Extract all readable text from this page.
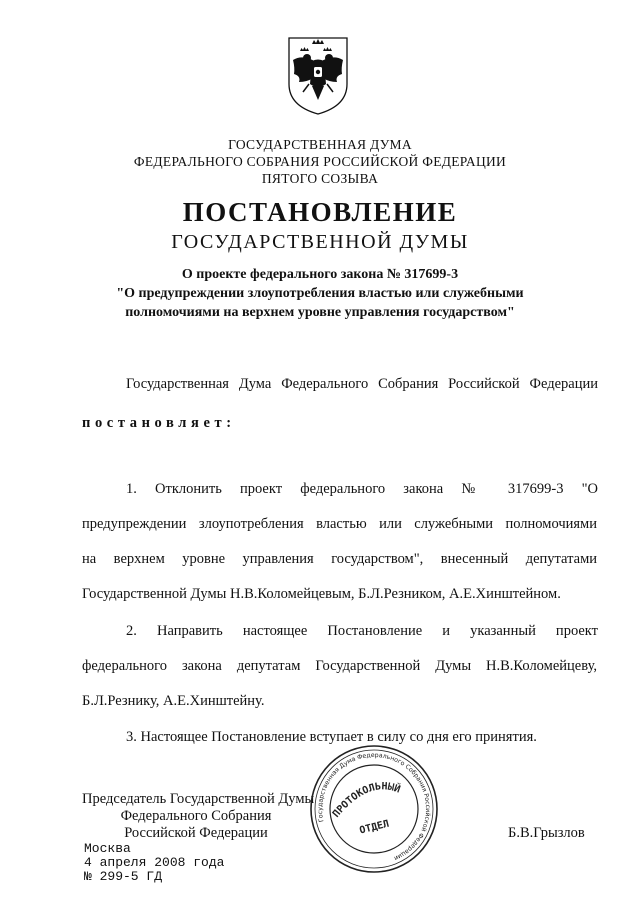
ГОСУДАРСТВЕННАЯ ДУМА
ФЕДЕРАЛЬНОГО СОБРАНИЯ РОССИЙСКОЙ ФЕДЕРАЦИИ
ПЯТОГО СОЗЫВА
ПОСТАНОВЛЕНИЕ
ГОСУДАРСТВЕННОЙ ДУМЫ
О проекте федерального закона № 317699-3
"О предупреждении злоупотребления властью или служебными
полномочиями на верхнем уровне управления государством"
Государственная Дума Федерального Собрания Российской Федерации
постановляет:
1. Отклонить проект федерального закона № 317699-3 "О
предупреждении злоупотребления властью или служебными полномочиями
на верхнем уровне управления государством", внесенный депутатами
Государственной Думы Н.В.Коломейцевым, Б.Л.Резником, А.Е.Хинштейном.
2. Направить настоящее Постановление и указанный проект
федерального закона депутатам Государственной Думы Н.В.Коломейцеву,
Б.Л.Резнику, А.Е.Хинштейну.
3. Настоящее Постановление вступает в силу со дня его принятия.
Председатель Государственной Думы
Федерального Собрания
Российской Федерации	Б.В.Грызлов
Государственная Дума Федерального Собрания Российской Федерации
ПРОТОКОЛЬНЫЙ
ОТДЕЛ
Москва
4 апреля 2008 года
№ 299-5 ГД
